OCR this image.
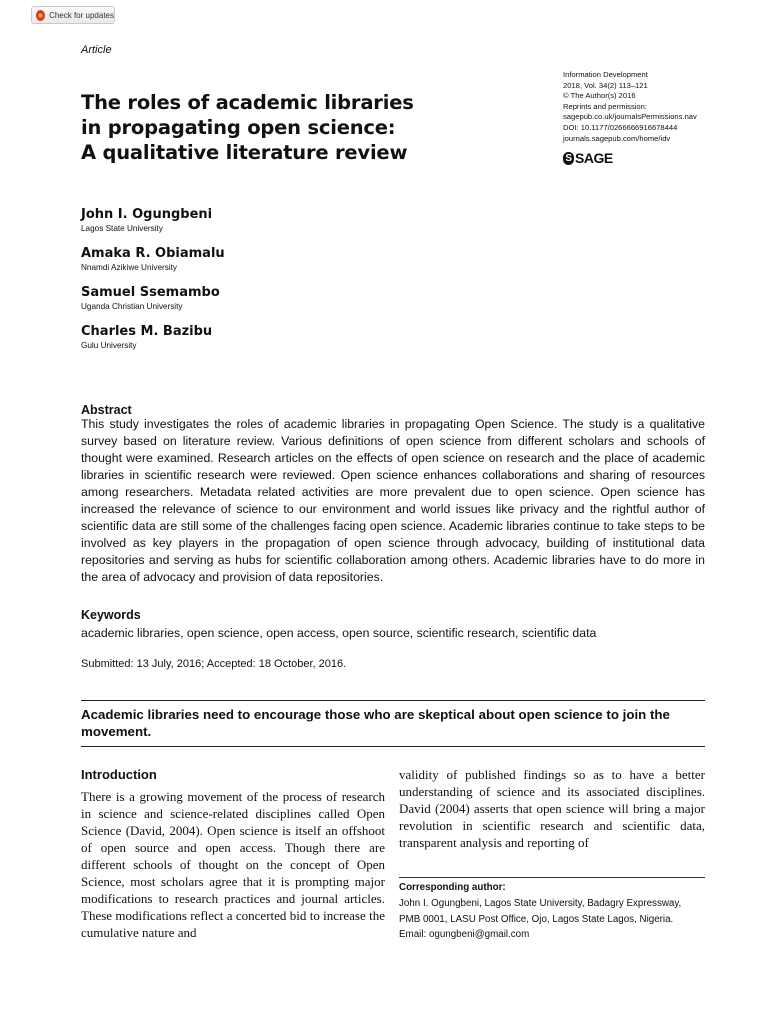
Check for updates
Article
The roles of academic libraries
in propagating open science:
A qualitative literature review
Information Development
2018, Vol. 34(2) 113–121
© The Author(s) 2016
Reprints and permission:
sagepub.co.uk/journalsPermissions.nav
DOI: 10.1177/0266666916678444
journals.sagepub.com/home/idv
S SAGE
John I. Ogungbeni
Lagos State University
Amaka R. Obiamalu
Nnamdi Azikiwe University
Samuel Ssemambo
Uganda Christian University
Charles M. Bazibu
Gulu University
Abstract
This study investigates the roles of academic libraries in propagating Open Science. The study is a qualitative survey based on literature review. Various definitions of open science from different scholars and schools of thought were examined. Research articles on the effects of open science on research and the place of academic libraries in scientific research were reviewed. Open science enhances collaborations and sharing of resources among researchers. Metadata related activities are more prevalent due to open science. Open science has increased the relevance of science to our environment and world issues like privacy and the rightful author of scientific data are still some of the challenges facing open science. Academic libraries continue to take steps to be involved as key players in the propagation of open science through advocacy, building of institutional data repositories and serving as hubs for scientific collaboration among others. Academic libraries have to do more in the area of advocacy and provision of data repositories.
Keywords
academic libraries, open science, open access, open source, scientific research, scientific data
Submitted: 13 July, 2016; Accepted: 18 October, 2016.
Academic libraries need to encourage those who are skeptical about open science to join the movement.
Introduction
There is a growing movement of the process of research in science and science-related disciplines called Open Science (David, 2004). Open science is itself an offshoot of open source and open access. Though there are different schools of thought on the concept of Open Science, most scholars agree that it is prompting major modifications to research practices and journal articles. These modifications reflect a concerted bid to increase the cumulative nature and
validity of published findings so as to have a better understanding of science and its associated disciplines. David (2004) asserts that open science will bring a major revolution in scientific research and scientific data, transparent analysis and reporting of
Corresponding author:
John I. Ogungbeni, Lagos State University, Badagry Expressway,
PMB 0001, LASU Post Office, Ojo, Lagos State Lagos, Nigeria.
Email: ogungbeni@gmail.com
